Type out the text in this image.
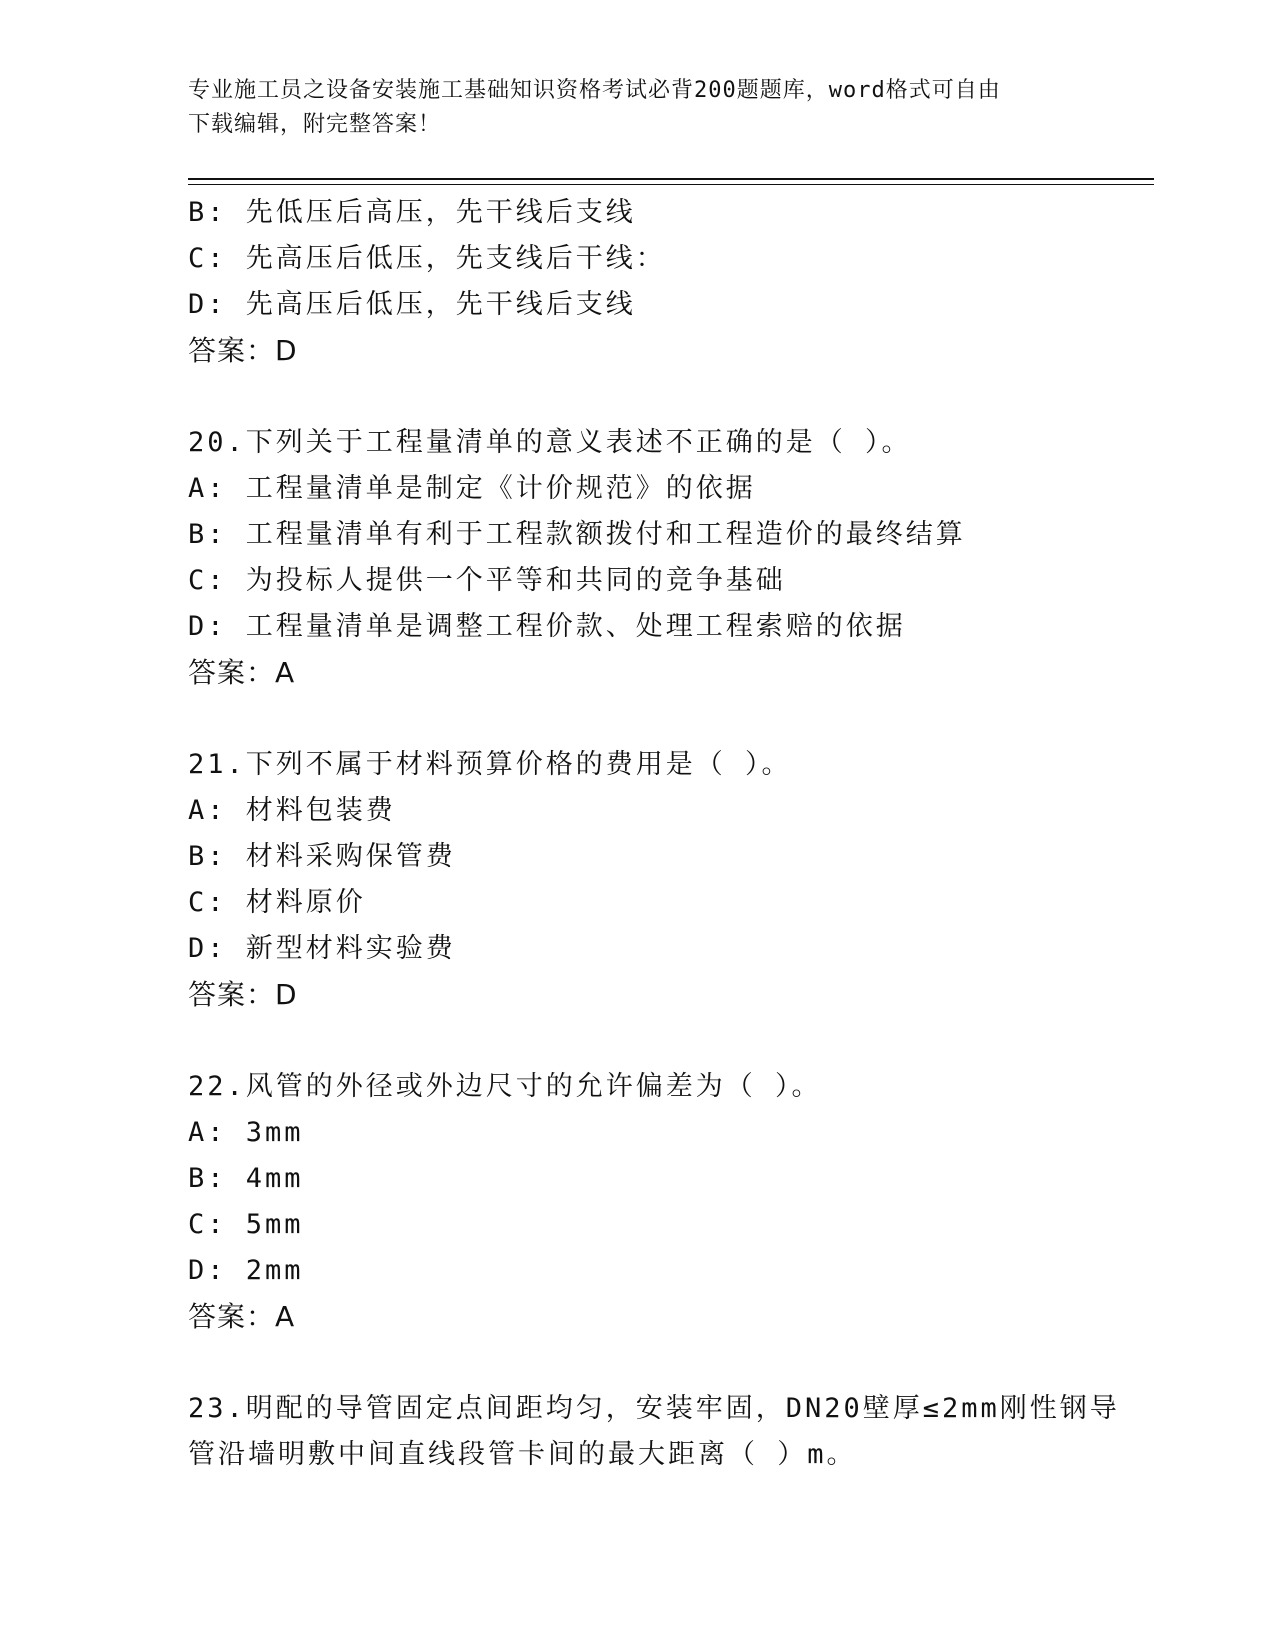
专业施工员之设备安装施工基础知识资格考试必背200题题库，word格式可自由
下载编辑，附完整答案！
B: 先低压后高压，先干线后支线
C: 先高压后低压，先支线后干线：
D: 先高压后低压，先干线后支线
答案：D
20.下列关于工程量清单的意义表述不正确的是（ ）。
A: 工程量清单是制定《计价规范》的依据
B: 工程量清单有利于工程款额拨付和工程造价的最终结算
C: 为投标人提供一个平等和共同的竞争基础
D: 工程量清单是调整工程价款、处理工程索赔的依据
答案：A
21.下列不属于材料预算价格的费用是（ ）。
A: 材料包装费
B: 材料采购保管费
C: 材料原价
D: 新型材料实验费
答案：D
22.风管的外径或外边尺寸的允许偏差为（ ）。
A: 3mm
B: 4mm
C: 5mm
D: 2mm
答案：A
23.明配的导管固定点间距均匀，安装牢固，DN20壁厚≤2mm刚性钢导
管沿墙明敷中间直线段管卡间的最大距离（ ）m。
